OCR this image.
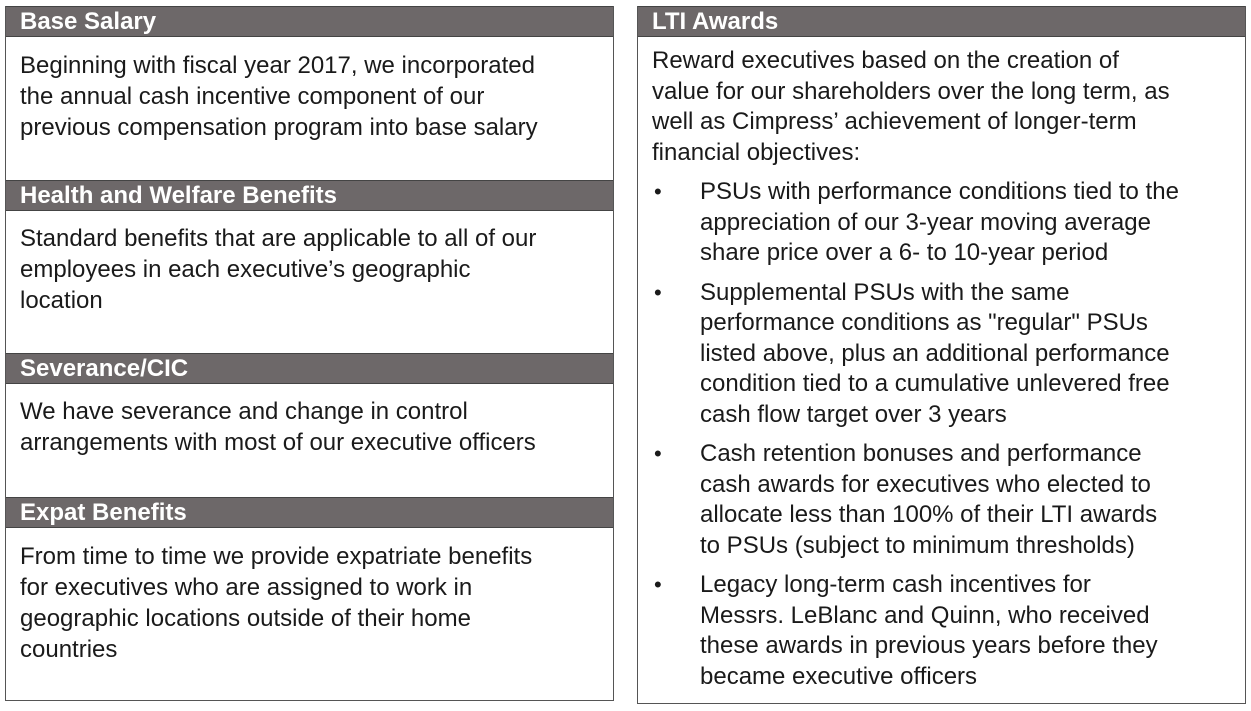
Base Salary
Beginning with fiscal year 2017, we incorporated
the annual cash incentive component of our
previous compensation program into base salary
Health and Welfare Benefits
Standard benefits that are applicable to all of our
employees in each executive’s geographic
location
Severance/CIC
We have severance and change in control
arrangements with most of our executive officers
Expat Benefits
From time to time we provide expatriate benefits
for executives who are assigned to work in
geographic locations outside of their home
countries
LTI Awards
Reward executives based on the creation of
value for our shareholders over the long term, as
well as Cimpress’ achievement of longer-term
financial objectives:
• PSUs with performance conditions tied to the
appreciation of our 3-year moving average
share price over a 6- to 10-year period
• Supplemental PSUs with the same
performance conditions as "regular" PSUs
listed above, plus an additional performance
condition tied to a cumulative unlevered free
cash flow target over 3 years
• Cash retention bonuses and performance
cash awards for executives who elected to
allocate less than 100% of their LTI awards
to PSUs (subject to minimum thresholds)
• Legacy long-term cash incentives for
Messrs. LeBlanc and Quinn, who received
these awards in previous years before they
became executive officers
